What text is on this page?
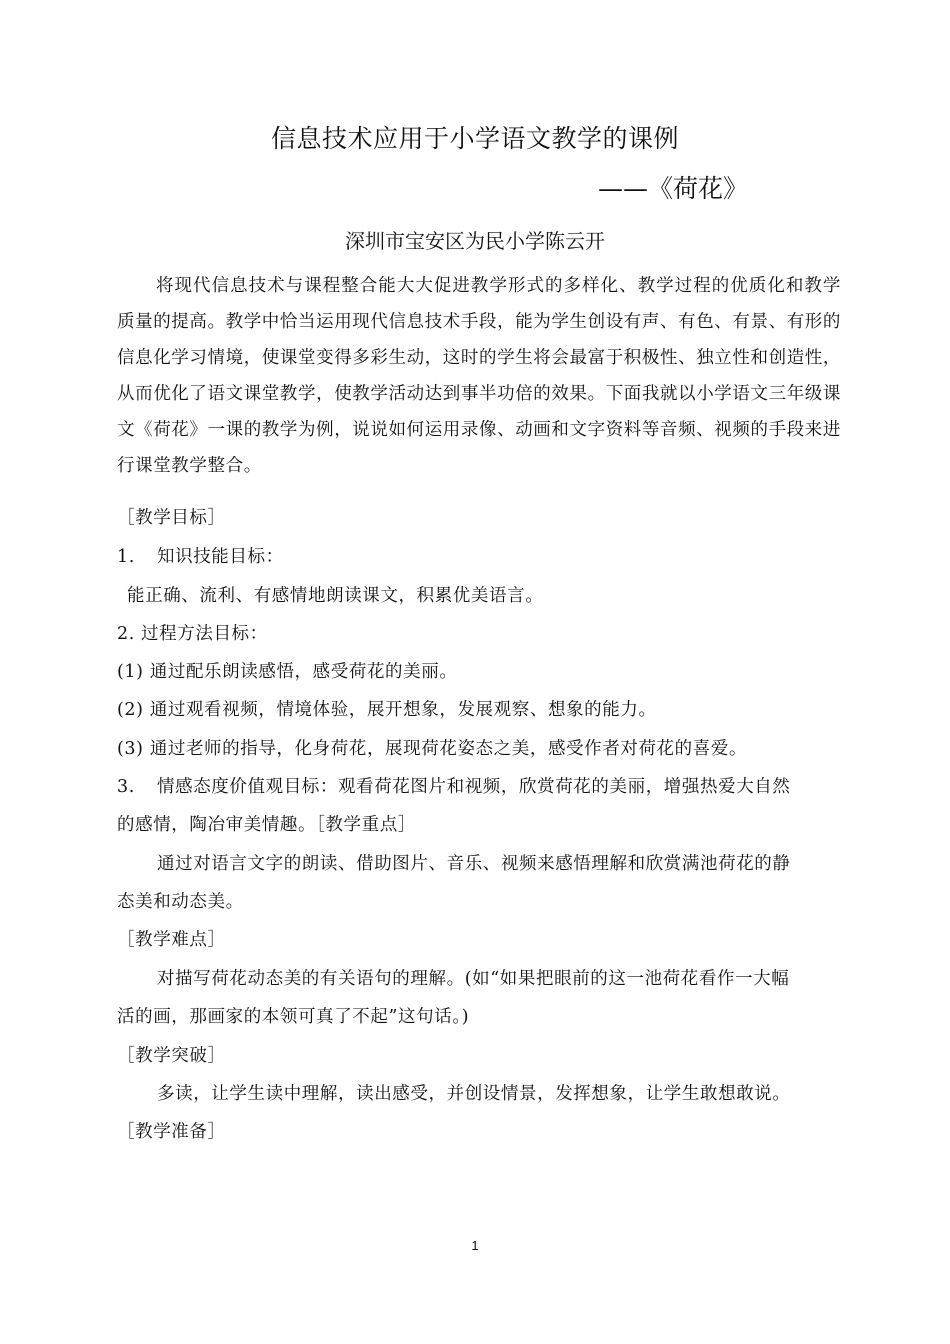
信息技术应用于小学语文教学的课例
——《荷花》
深圳市宝安区为民小学陈云开
将现代信息技术与课程整合能大大促进教学形式的多样化、教学过程的优质化和教学质量的提高。教学中恰当运用现代信息技术手段，能为学生创设有声、有色、有景、有形的信息化学习情境，使课堂变得多彩生动，这时的学生将会最富于积极性、独立性和创造性，从而优化了语文课堂教学，使教学活动达到事半功倍的效果。下面我就以小学语文三年级课文《荷花》一课的教学为例，说说如何运用录像、动画和文字资料等音频、视频的手段来进行课堂教学整合。
［教学目标］
1. 知识技能目标：
能正确、流利、有感情地朗读课文，积累优美语言。
2. 过程方法目标：
(1) 通过配乐朗读感悟，感受荷花的美丽。
(2) 通过观看视频，情境体验，展开想象，发展观察、想象的能力。
(3) 通过老师的指导，化身荷花，展现荷花姿态之美，感受作者对荷花的喜爱。
3. 情感态度价值观目标：观看荷花图片和视频，欣赏荷花的美丽，增强热爱大自然
的感情，陶冶审美情趣。［教学重点］
通过对语言文字的朗读、借助图片、音乐、视频来感悟理解和欣赏满池荷花的静
态美和动态美。
［教学难点］
对描写荷花动态美的有关语句的理解。(如“如果把眼前的这一池荷花看作一大幅
活的画，那画家的本领可真了不起”这句话。)
［教学突破］
多读，让学生读中理解，读出感受，并创设情景，发挥想象，让学生敢想敢说。
［教学准备］
1
